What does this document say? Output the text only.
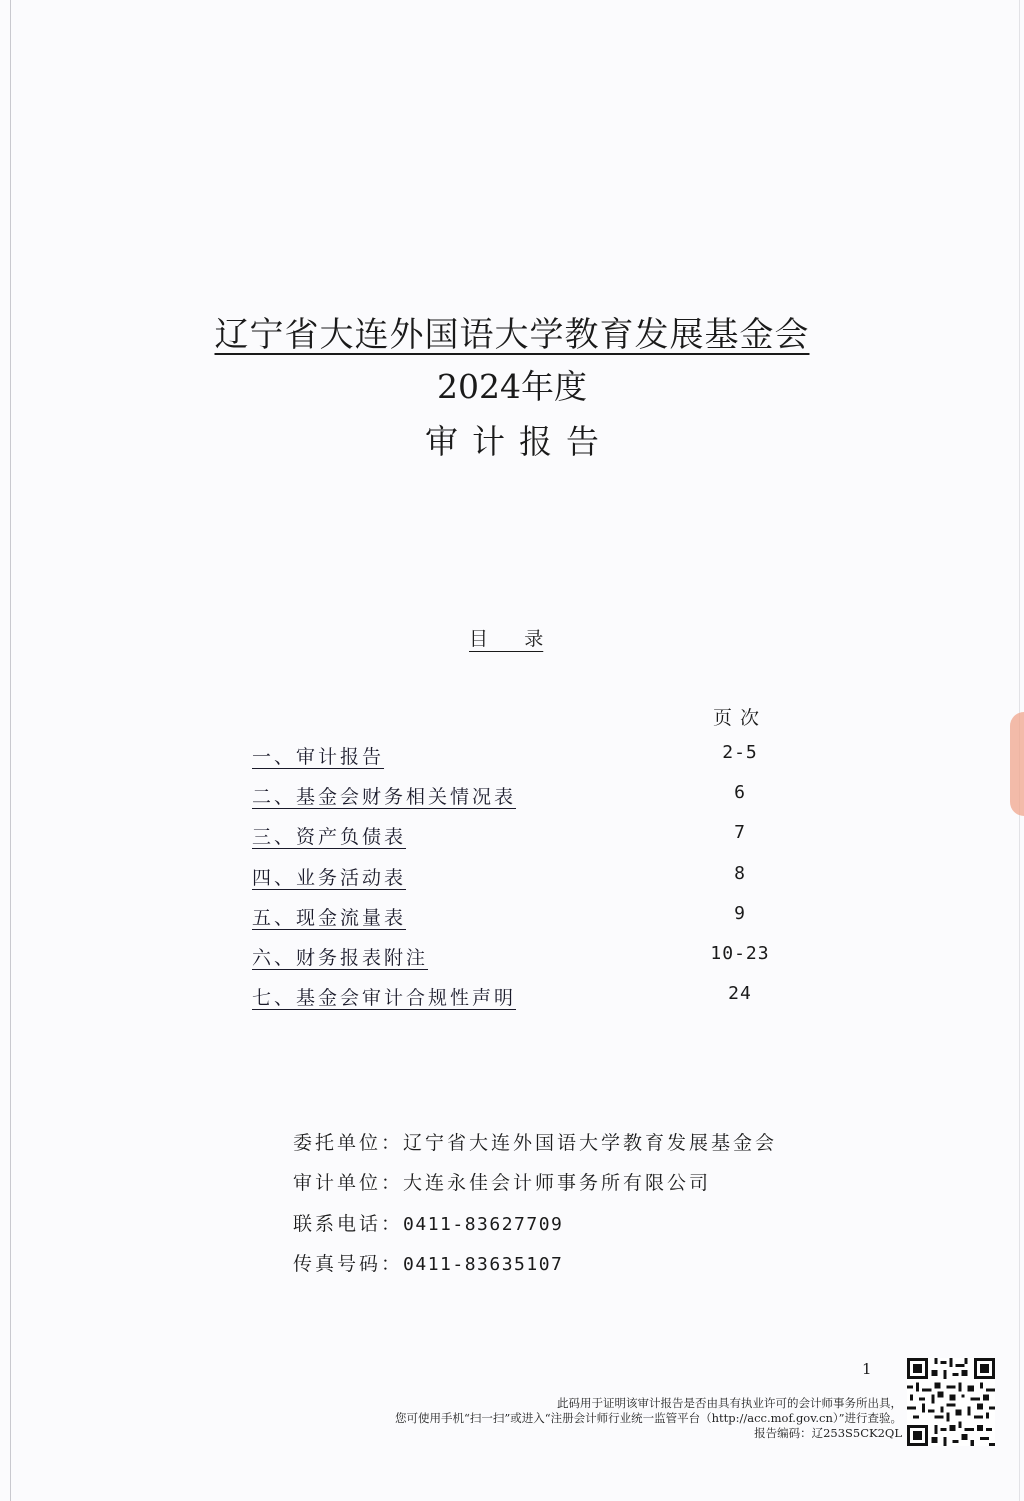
辽宁省大连外国语大学教育发展基金会
2024年度
审计报告
目      录
页次
一、审计报告	2-5
二、基金会财务相关情况表	6
三、资产负债表	7
四、业务活动表	8
五、现金流量表	9
六、财务报表附注	10-23
七、基金会审计合规性声明	24
委托单位：辽宁省大连外国语大学教育发展基金会
审计单位：大连永佳会计师事务所有限公司
联系电话：0411-83627709
传真号码：0411-83635107
1
此码用于证明该审计报告是否由具有执业许可的会计师事务所出具，
您可使用手机“扫一扫”或进入“注册会计师行业统一监管平台（http://acc.mof.gov.cn）”进行查验。
报告编码：辽253S5CK2QL
